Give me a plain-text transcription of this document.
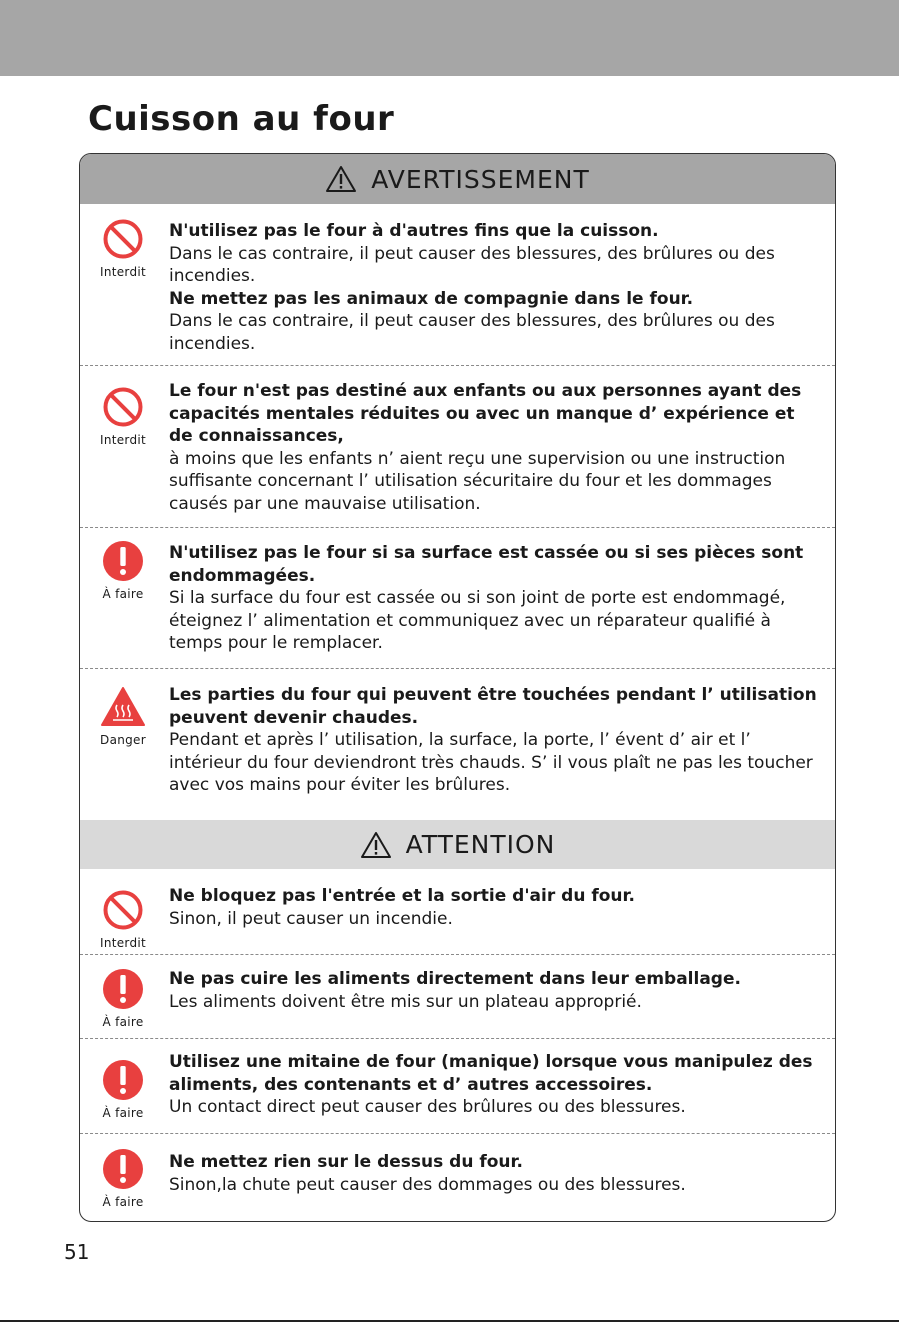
Cuisson au four
AVERTISSEMENT
Interdit

N'utilisez pas le four à d'autres fins que la cuisson.

Dans le cas contraire, il peut causer des blessures, des brûlures ou des incendies.

Ne mettez pas les animaux de compagnie dans le four.

Dans le cas contraire, il peut causer des blessures, des brûlures ou des incendies.

Interdit

Le four n'est pas destiné aux enfants ou aux personnes ayant des capacités mentales réduites ou avec un manque d’ expérience et de connaissances,

à moins que les enfants n’ aient reçu une supervision ou une instruction suffisante concernant l’ utilisation sécuritaire du four et les dommages causés par une mauvaise utilisation.

À faire

N'utilisez pas le four si sa surface est cassée ou si ses pièces sont endommagées.

Si la surface du four est cassée ou si son joint de porte est endommagé, éteignez l’ alimentation et communiquez avec un réparateur qualifié à temps pour le remplacer.

Danger

Les parties du four qui peuvent être touchées pendant l’ utilisation peuvent devenir chaudes.

Pendant et après l’ utilisation, la surface, la porte, l’ évent d’ air et l’ intérieur du four deviendront très chauds. S’ il vous plaît ne pas les toucher avec vos mains pour éviter les brûlures.

ATTENTION
Interdit

Ne bloquez pas l'entrée et la sortie d'air du four.

Sinon, il peut causer un incendie.

À faire

Ne pas cuire les aliments directement dans leur emballage.

Les aliments doivent être mis sur un plateau approprié.

À faire

Utilisez une mitaine de four (manique) lorsque vous manipulez des aliments, des contenants et d’ autres accessoires.

Un contact direct peut causer des brûlures ou des blessures.

À faire

Ne mettez rien sur le dessus du four.

Sinon,la chute peut causer des dommages ou des blessures.

51
